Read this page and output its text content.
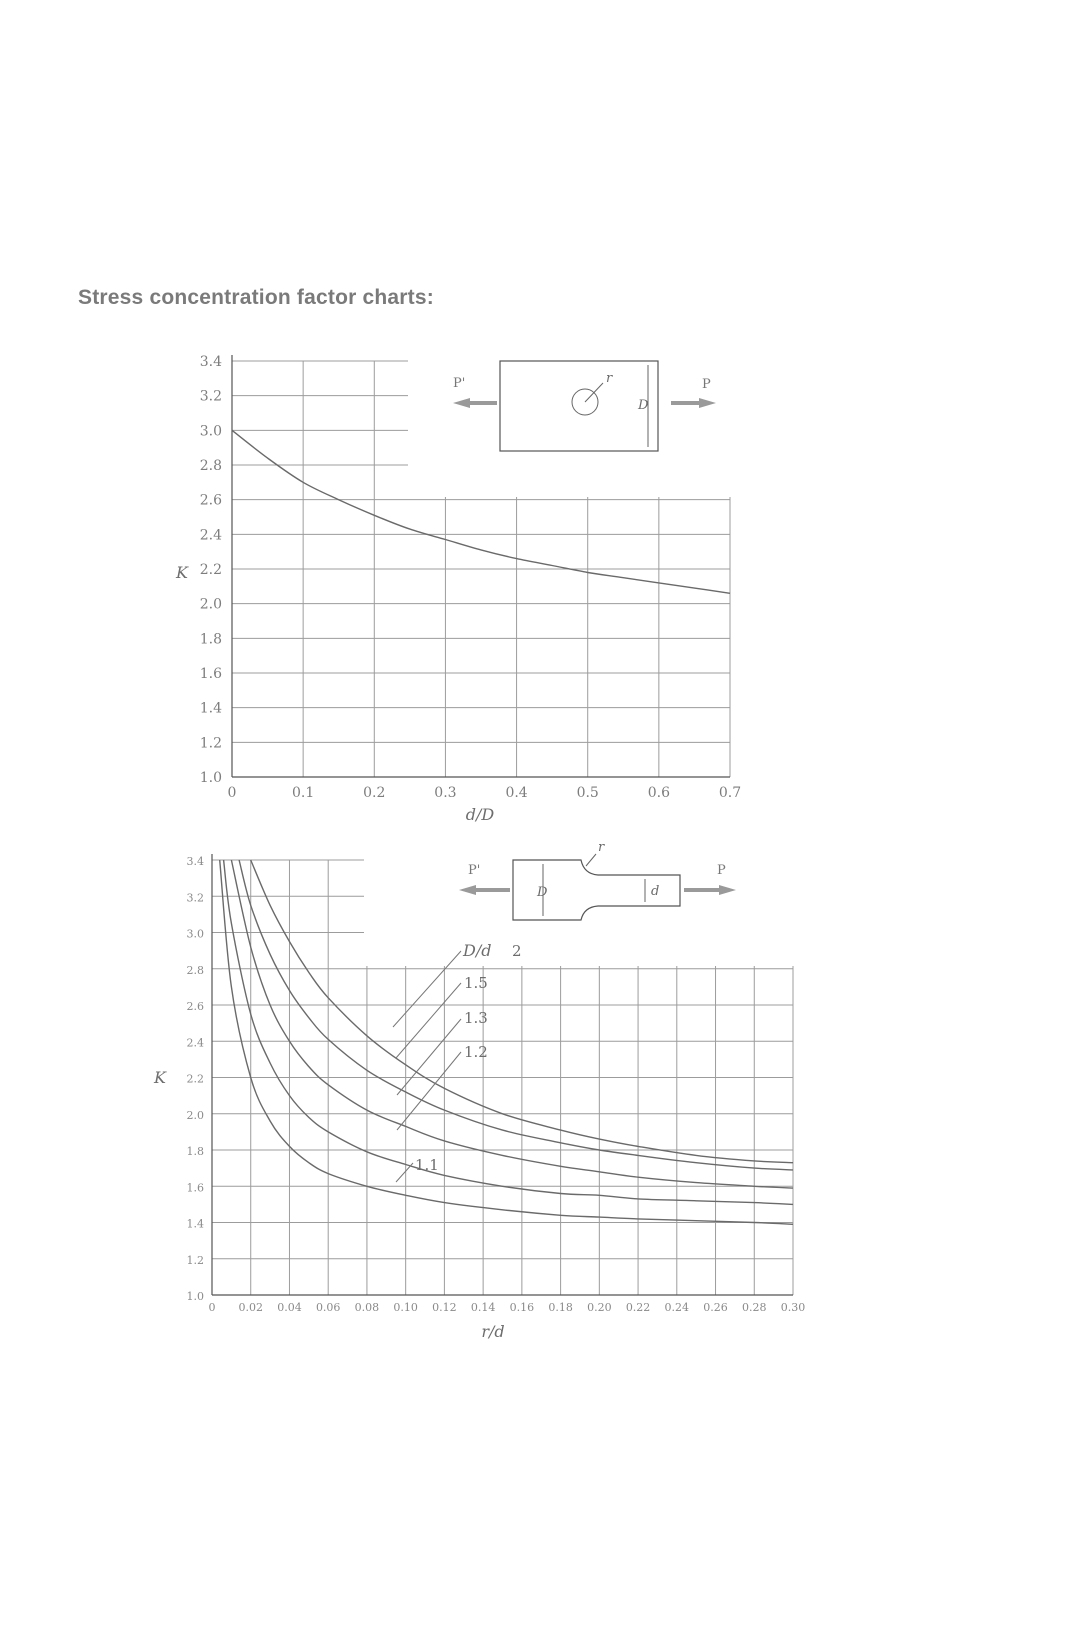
Stress concentration factor charts:
0	0.1	0.2	0.3	0.4	0.5	0.6	0.7
1.0
1.2
1.4
1.6
1.8
2.0
2.2
2.4
2.6
2.8
3.0
3.2
3.4
d/D
K
P'	r
D
P
0 0.02 0.04 0.06 0.08 0.10 0.12 0.14 0.16 0.18 0.20 0.22 0.24 0.26 0.28 0.30
1.0
1.2
1.4
1.6
1.8
2.0
2.2
2.4
2.6
2.8
3.0
3.2
3.4
r/d
K
D/d 2
1.5
1.3
1.2
1.1
P'
D
r
d
P
